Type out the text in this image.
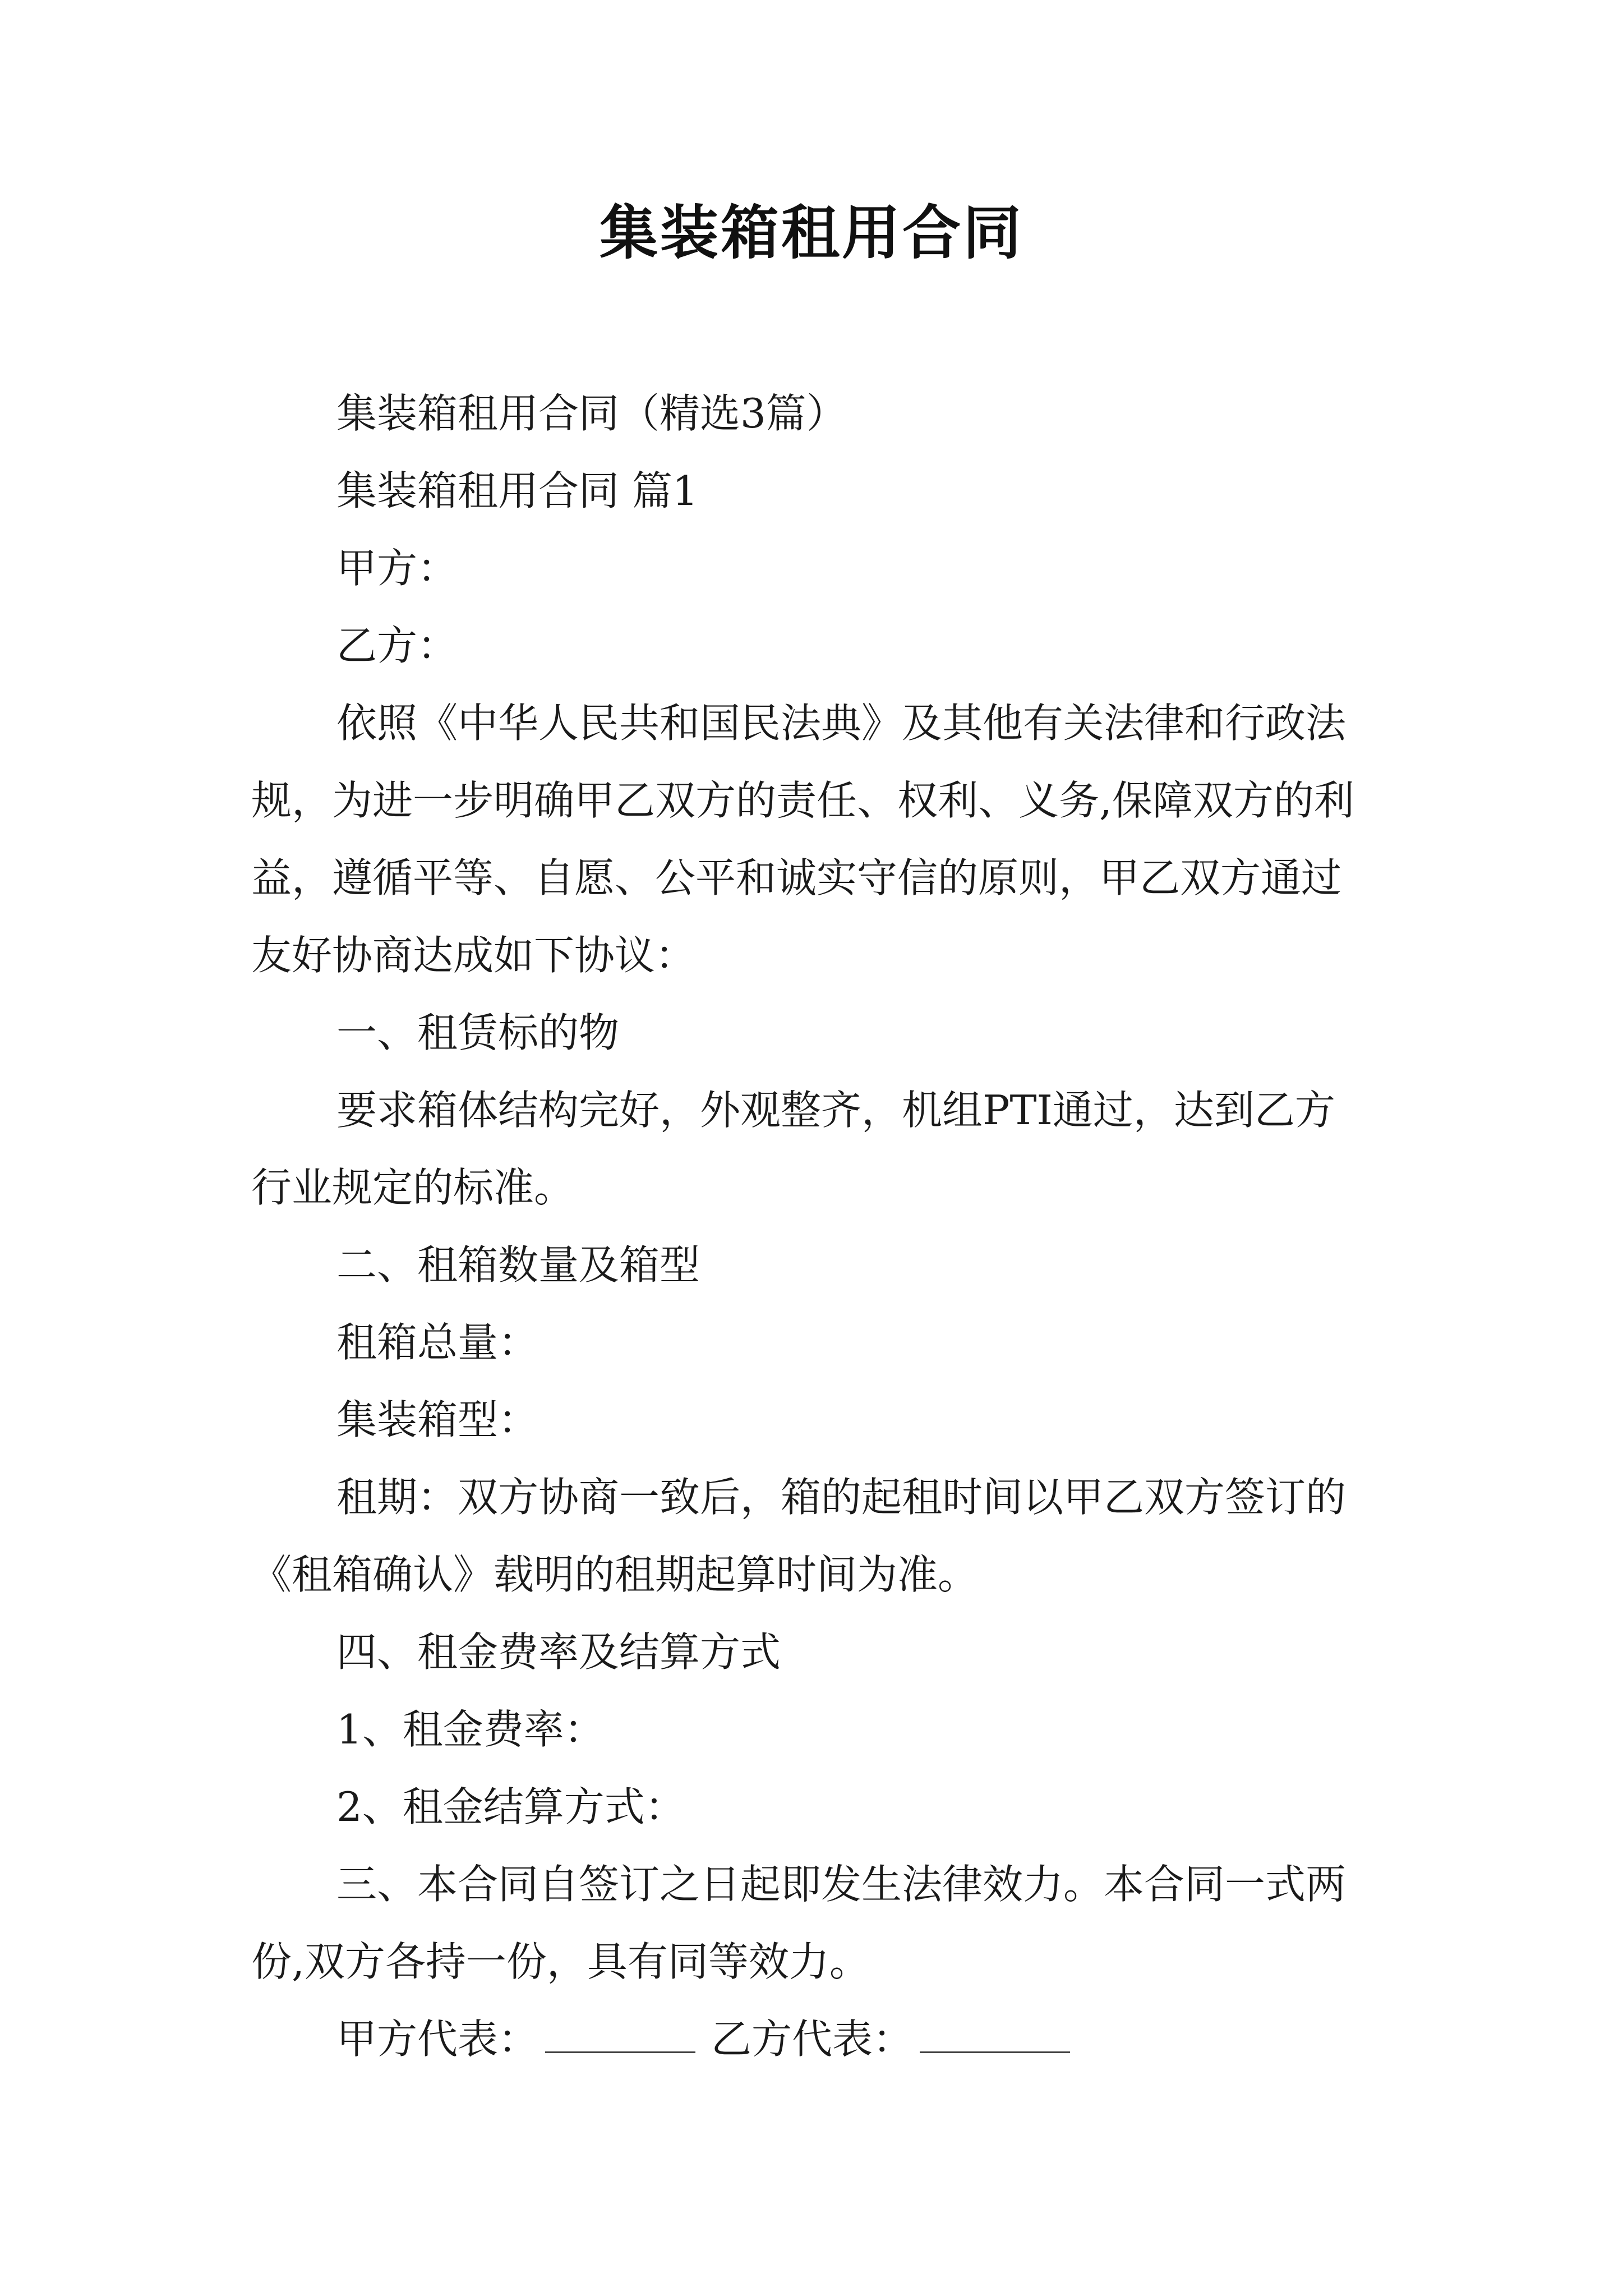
集装箱租用合同

集装箱租用合同（精选3篇）

集装箱租用合同 篇1

甲方：

乙方：

依照《中华人民共和国民法典》及其他有关法律和行政法规，为进一步明确甲乙双方的责任、权利、义务,保障双方的利益，遵循平等、自愿、公平和诚实守信的原则，甲乙双方通过友好协商达成如下协议：

一、租赁标的物

要求箱体结构完好，外观整齐，机组PTI通过，达到乙方行业规定的标准。

二、租箱数量及箱型

租箱总量：

集装箱型：

租期：双方协商一致后，箱的起租时间以甲乙双方签订的《租箱确认》载明的租期起算时间为准。

四、租金费率及结算方式

1、租金费率：

2、租金结算方式：

三、本合同自签订之日起即发生法律效力。本合同一式两份,双方各持一份，具有同等效力。

甲方代表：	乙方代表：
